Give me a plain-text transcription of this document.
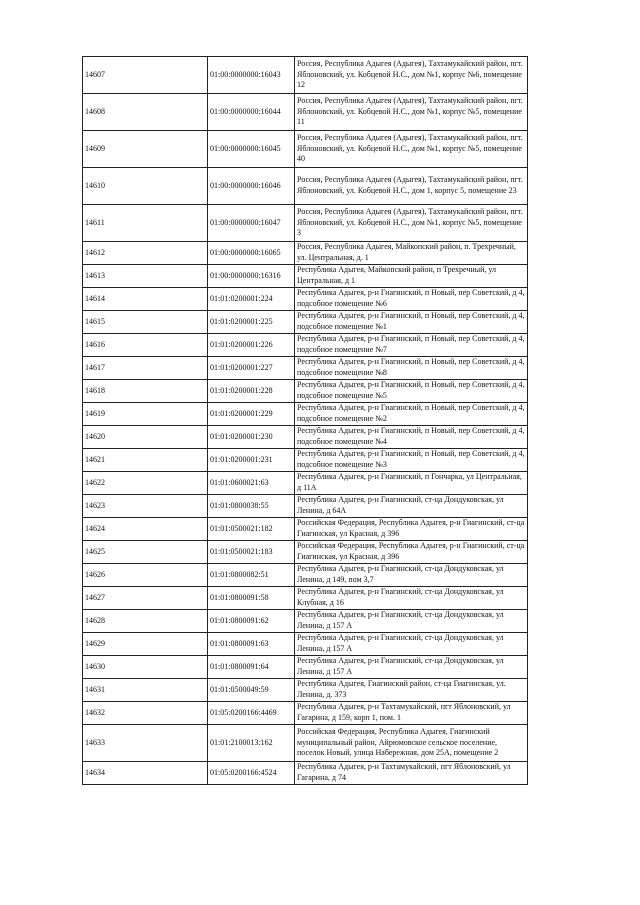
14607	01:00:0000000:16043	Россия, Республика Адыгея (Адыгея), Тахтамукайский район, пгт. Яблоновский, ул. Кобцевой Н.С., дом №1, корпус №6, помещение 12
14608	01:00:0000000:16044	Россия, Республика Адыгея (Адыгея), Тахтамукайский район, пгт. Яблоновский, ул. Кобцевой Н.С., дом №1, корпус №5, помещение 11
14609	01:00:0000000:16045	Россия, Республика Адыгея (Адыгея), Тахтамукайский район, пгт. Яблоновский, ул. Кобцевой Н.С., дом №1, корпус №5, помещение 40
14610	01:00:0000000:16046	Россия, Республика Адыгея (Адыгея), Тахтамукайский район, пгт. Яблоновский, ул. Кобцевой Н.С., дом 1, корпус 5, помещение 23
14611	01:00:0000000:16047	Россия, Республика Адыгея (Адыгея), Тахтамукайский район, пгт. Яблоновский, ул. Кобцевой Н.С., дом №1, корпус №5, помещение 3
14612	01:00:0000000:16065	Россия, Республика Адыгея, Майкопский район, п. Трехречный, ул. Центральная, д. 1
14613	01:00:0000000:16316	Республика Адыгея, Майкопский район, п Трехречный, ул Центральная, д 1
14614	01:01:0200001:224	Республика Адыгея, р-н Гиагинский, п Новый, пер Советский, д 4, подсобное помещение №6
14615	01:01:0200001:225	Республика Адыгея, р-н Гиагинский, п Новый, пер Советский, д 4, подсобное помещение №1
14616	01:01:0200001:226	Республика Адыгея, р-н Гиагинский, п Новый, пер Советский, д 4, подсобное помещение №7
14617	01:01:0200001:227	Республика Адыгея, р-н Гиагинский, п Новый, пер Советский, д 4, подсобное помещение №8
14618	01:01:0200001:228	Республика Адыгея, р-н Гиагинский, п Новый, пер Советский, д 4, подсобное помещение №5
14619	01:01:0200001:229	Республика Адыгея, р-н Гиагинский, п Новый, пер Советский, д 4, подсобное помещение №2
14620	01:01:0200001:230	Республика Адыгея, р-н Гиагинский, п Новый, пер Советский, д 4, подсобное помещение №4
14621	01:01:0200001:231	Республика Адыгея, р-н Гиагинский, п Новый, пер Советский, д 4, подсобное помещение №3
14622	01:01:0600021:63	Республика Адыгея, р-н Гиагинский, п Гончарка, ул Центральная, д 11А
14623	01:01:0800038:55	Республика Адыгея, р-н Гиагинский, ст-ца Дондуковская, ул Ленина, д 64А
14624	01:01:0500021:182	Российская Федерация, Республика Адыгея, р-н Гиагинский, ст-ца Гиагинская, ул Красная, д 396
14625	01:01:0500021:183	Российская Федерация, Республика Адыгея, р-н Гиагинский, ст-ца Гиагинская, ул Красная, д 396
14626	01:01:0800082:51	Республика Адыгея, р-н Гиагинский, ст-ца Дондуковская, ул Ленина, д 149, пом 3,7
14627	01:01:0800091:58	Республика Адыгея, р-н Гиагинский, ст-ца Дондуковская, ул Клубная, д 16
14628	01:01:0800091:62	Республика Адыгея, р-н Гиагинский, ст-ца Дондуковская, ул Ленина, д 157 А
14629	01:01:0800091:63	Республика Адыгея, р-н Гиагинский, ст-ца Дондуковская, ул Ленина, д 157 А
14630	01:01:0800091:64	Республика Адыгея, р-н Гиагинский, ст-ца Дондуковская, ул Ленина, д 157 А
14631	01:01:0500049:59	Республика Адыгея, Гиагинский район, ст-ца Гиагинская, ул. Ленина, д. 373
14632	01:05:0200166:4469	Республика Адыгея, р-н Тахтамукайский, пгт Яблоновский, ул Гагарина, д 159, корп 1, пом. 1
14633	01:01:2100013:162	Российская Федерация, Республика Адыгея, Гиагинский муниципальный район, Айрюмовское сельское поселение, поселок Новый, улица Набережная, дом 25А, помещение 2
14634	01:05:0200166:4524	Республика Адыгея, р-н Тахтамукайский, пгт Яблоновский, ул Гагарина, д 74
